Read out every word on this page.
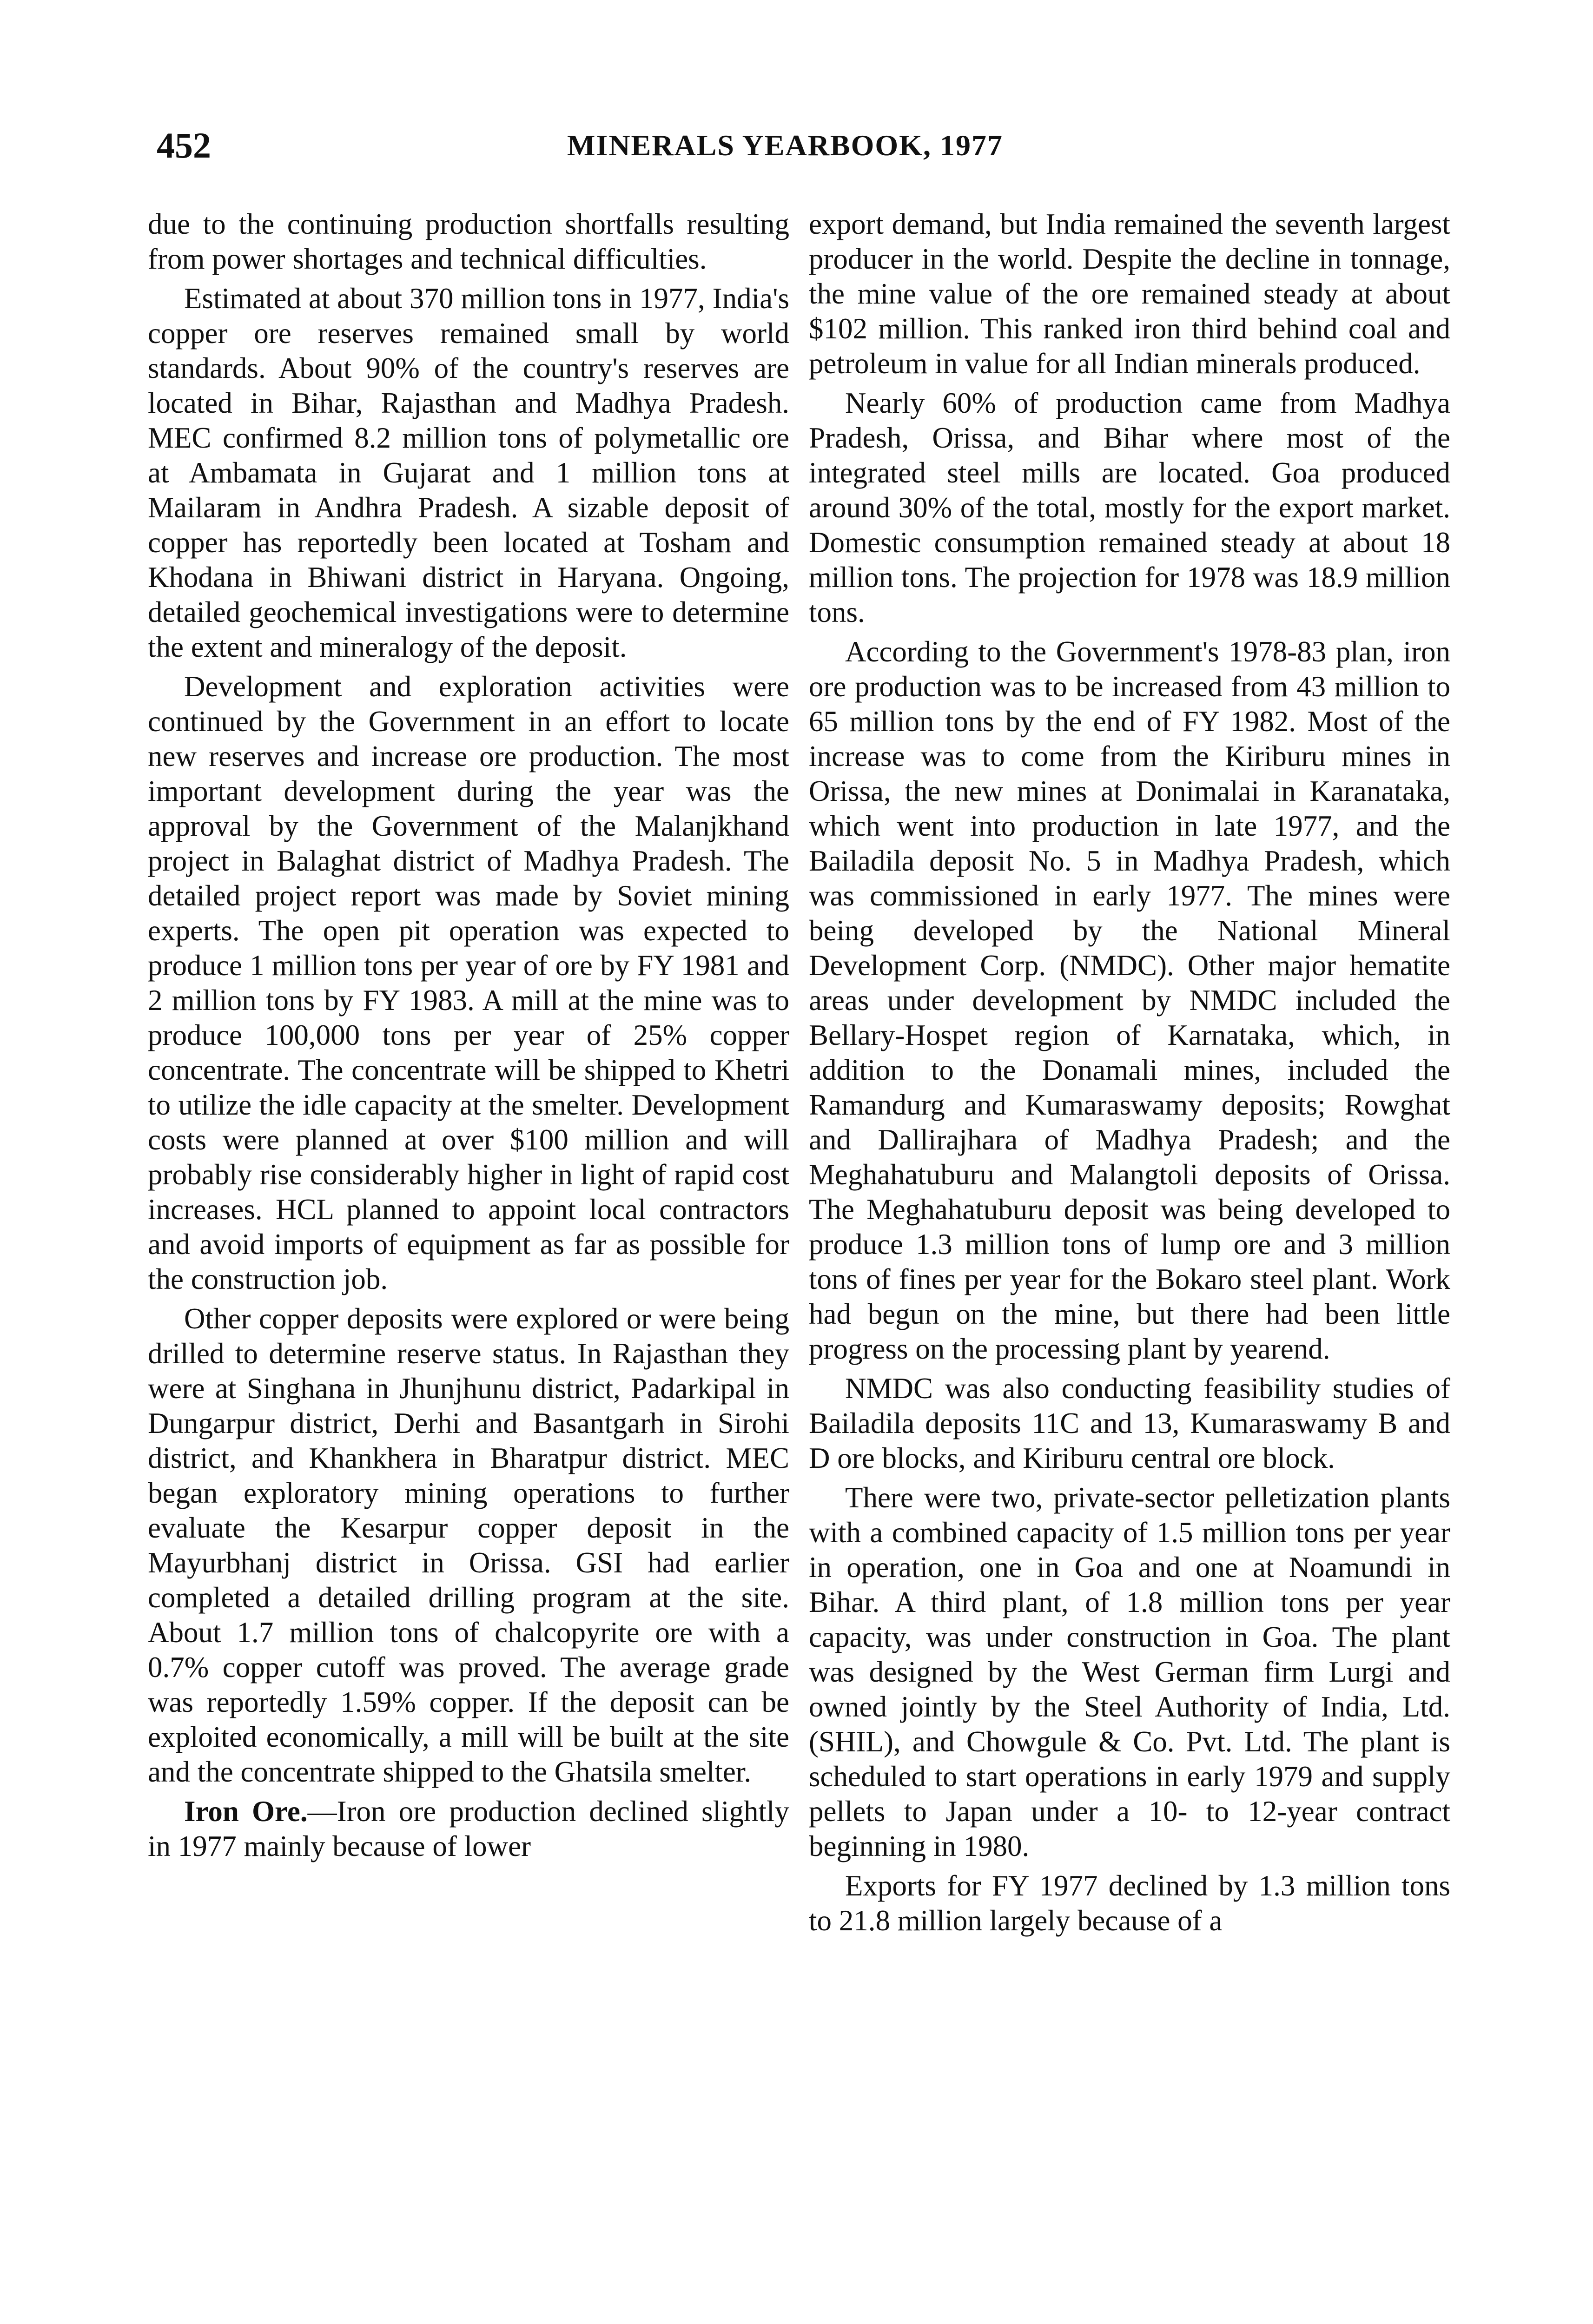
452	MINERALS YEARBOOK, 1977

due to the continuing production shortfalls resulting from power shortages and technical difficulties.

Estimated at about 370 million tons in 1977, India's copper ore reserves remained small by world standards. About 90% of the country's reserves are located in Bihar, Rajasthan and Madhya Pradesh. MEC confirmed 8.2 million tons of polymetallic ore at Ambamata in Gujarat and 1 million tons at Mailaram in Andhra Pradesh. A sizable deposit of copper has reportedly been located at Tosham and Khodana in Bhiwani district in Haryana. Ongoing, detailed geochemical investigations were to determine the extent and mineralogy of the deposit.

Development and exploration activities were continued by the Government in an effort to locate new reserves and increase ore production. The most important development during the year was the approval by the Government of the Malanjkhand project in Balaghat district of Madhya Pradesh. The detailed project report was made by Soviet mining experts. The open pit operation was expected to produce 1 million tons per year of ore by FY 1981 and 2 million tons by FY 1983. A mill at the mine was to produce 100,000 tons per year of 25% copper concentrate. The concentrate will be shipped to Khetri to utilize the idle capacity at the smelter. Development costs were planned at over $100 million and will probably rise considerably higher in light of rapid cost increases. HCL planned to appoint local contractors and avoid imports of equipment as far as possible for the construction job.

Other copper deposits were explored or were being drilled to determine reserve status. In Rajasthan they were at Singhana in Jhunjhunu district, Padarkipal in Dungarpur district, Derhi and Basantgarh in Sirohi district, and Khankhera in Bharatpur district. MEC began exploratory mining operations to further evaluate the Kesarpur copper deposit in the Mayurbhanj district in Orissa. GSI had earlier completed a detailed drilling program at the site. About 1.7 million tons of chalcopyrite ore with a 0.7% copper cutoff was proved. The average grade was reportedly 1.59% copper. If the deposit can be exploited economically, a mill will be built at the site and the concentrate shipped to the Ghatsila smelter.

Iron Ore.—Iron ore production declined slightly in 1977 mainly because of lower

export demand, but India remained the seventh largest producer in the world. Despite the decline in tonnage, the mine value of the ore remained steady at about $102 million. This ranked iron third behind coal and petroleum in value for all Indian minerals produced.

Nearly 60% of production came from Madhya Pradesh, Orissa, and Bihar where most of the integrated steel mills are located. Goa produced around 30% of the total, mostly for the export market. Domestic consumption remained steady at about 18 million tons. The projection for 1978 was 18.9 million tons.

According to the Government's 1978-83 plan, iron ore production was to be increased from 43 million to 65 million tons by the end of FY 1982. Most of the increase was to come from the Kiriburu mines in Orissa, the new mines at Donimalai in Karanataka, which went into production in late 1977, and the Bailadila deposit No. 5 in Madhya Pradesh, which was commissioned in early 1977. The mines were being developed by the National Mineral Development Corp. (NMDC). Other major hematite areas under development by NMDC included the Bellary-Hospet region of Karnataka, which, in addition to the Donamali mines, included the Ramandurg and Kumaraswamy deposits; Rowghat and Dallirajhara of Madhya Pradesh; and the Meghahatuburu and Malangtoli deposits of Orissa. The Meghahatuburu deposit was being developed to produce 1.3 million tons of lump ore and 3 million tons of fines per year for the Bokaro steel plant. Work had begun on the mine, but there had been little progress on the processing plant by yearend.

NMDC was also conducting feasibility studies of Bailadila deposits 11C and 13, Kumaraswamy B and D ore blocks, and Kiriburu central ore block.

There were two, private-sector pelletization plants with a combined capacity of 1.5 million tons per year in operation, one in Goa and one at Noamundi in Bihar. A third plant, of 1.8 million tons per year capacity, was under construction in Goa. The plant was designed by the West German firm Lurgi and owned jointly by the Steel Authority of India, Ltd. (SHIL), and Chowgule & Co. Pvt. Ltd. The plant is scheduled to start operations in early 1979 and supply pellets to Japan under a 10- to 12-year contract beginning in 1980.

Exports for FY 1977 declined by 1.3 million tons to 21.8 million largely because of a
